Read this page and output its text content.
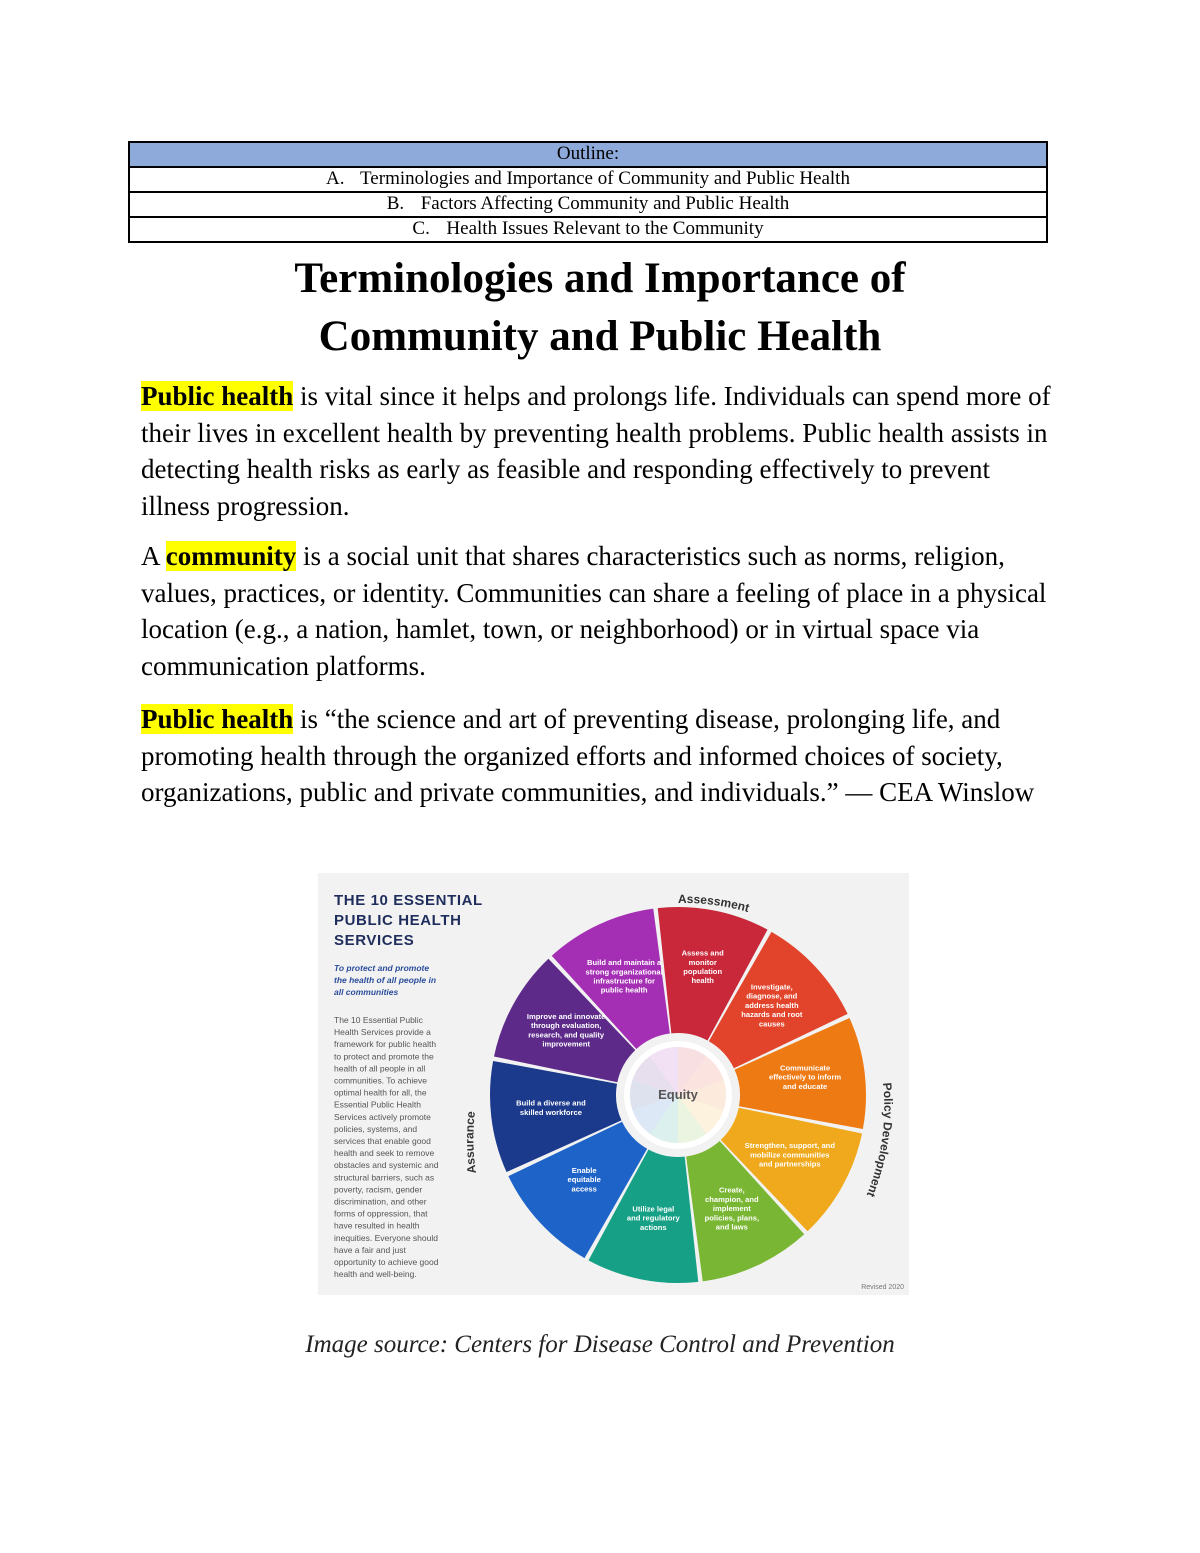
Outline:
A. Terminologies and Importance of Community and Public Health
B. Factors Affecting Community and Public Health
C. Health Issues Relevant to the Community
Terminologies and Importance of
Community and Public Health

Public health is vital since it helps and prolongs life. Individuals can spend more of their lives in excellent health by preventing health problems. Public health assists in detecting health risks as early as feasible and responding effectively to prevent illness progression.

A community is a social unit that shares characteristics such as norms, religion, values, practices, or identity. Communities can share a feeling of place in a physical location (e.g., a nation, hamlet, town, or neighborhood) or in virtual space via communication platforms.

Public health is “the science and art of preventing disease, prolonging life, and promoting health through the organized efforts and informed choices of society, organizations, public and private communities, and individuals.” — CEA Winslow

THE 10 ESSENTIAL
PUBLIC HEALTH
SERVICES
To protect and promote
the health of all people in
all communities
The 10 Essential Public
Health Services provide a
framework for public health
to protect and promote the
health of all people in all
communities. To achieve
optimal health for all, the
Essential Public Health
Services actively promote
policies, systems, and
services that enable good
health and seek to remove
obstacles and systemic and
structural barriers, such as
poverty, racism, gender
discrimination, and other
forms of oppression, that
have resulted in health
inequities. Everyone should
have a fair and just
opportunity to achieve good
health and well-being.
Assess and monitor population health
Investigate, diagnose, and address health hazards and root causes
Communicate effectively to inform and educate
Strengthen, support, and mobilize communities and partnerships
Create, champion, and implement policies, plans, and laws
Utilize legal and regulatory actions
Enable equitable access
Build a diverse and skilled workforce
Improve and innovate through evaluation, research, and quality improvement
Build and maintain a strong organizational infrastructure for public health
Equity
Assessment
Policy Development
Assurance
Revised 2020
Image source: Centers for Disease Control and Prevention
